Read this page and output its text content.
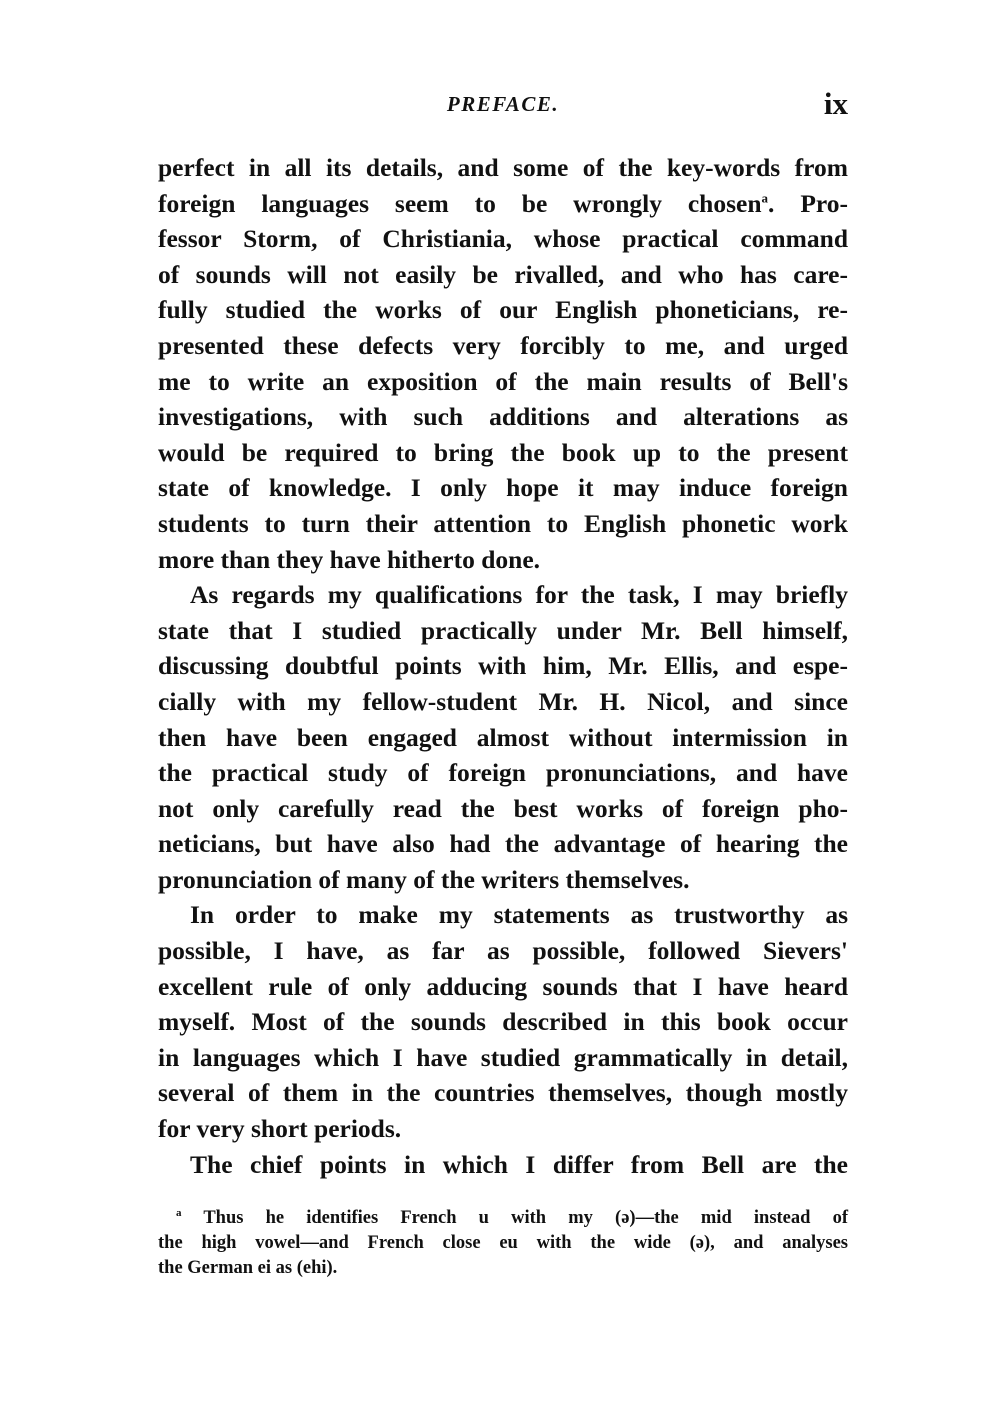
PREFACE.	ix
perfect in all its details, and some of the key-words from
foreign languages seem to be wrongly chosen$^a$. Pro-
fessor Storm, of Christiania, whose practical command
of sounds will not easily be rivalled, and who has care-
fully studied the works of our English phoneticians, re-
presented these defects very forcibly to me, and urged
me to write an exposition of the main results of Bell's
investigations, with such additions and alterations as
would be required to bring the book up to the present
state of knowledge. I only hope it may induce foreign
students to turn their attention to English phonetic work
more than they have hitherto done.
As regards my qualifications for the task, I may briefly
state that I studied practically under Mr. Bell himself,
discussing doubtful points with him, Mr. Ellis, and espe-
cially with my fellow-student Mr. H. Nicol, and since
then have been engaged almost without intermission in
the practical study of foreign pronunciations, and have
not only carefully read the best works of foreign pho-
neticians, but have also had the advantage of hearing the
pronunciation of many of the writers themselves.
In order to make my statements as trustworthy as
possible, I have, as far as possible, followed Sievers'
excellent rule of only adducing sounds that I have heard
myself. Most of the sounds described in this book occur
in languages which I have studied grammatically in detail,
several of them in the countries themselves, though mostly
for very short periods.
The chief points in which I differ from Bell are the
$^a$ Thus he identifies French u with my (ə)—the mid instead of
the high vowel—and French close eu with the wide (ə), and analyses
the German ei as (ehi).
